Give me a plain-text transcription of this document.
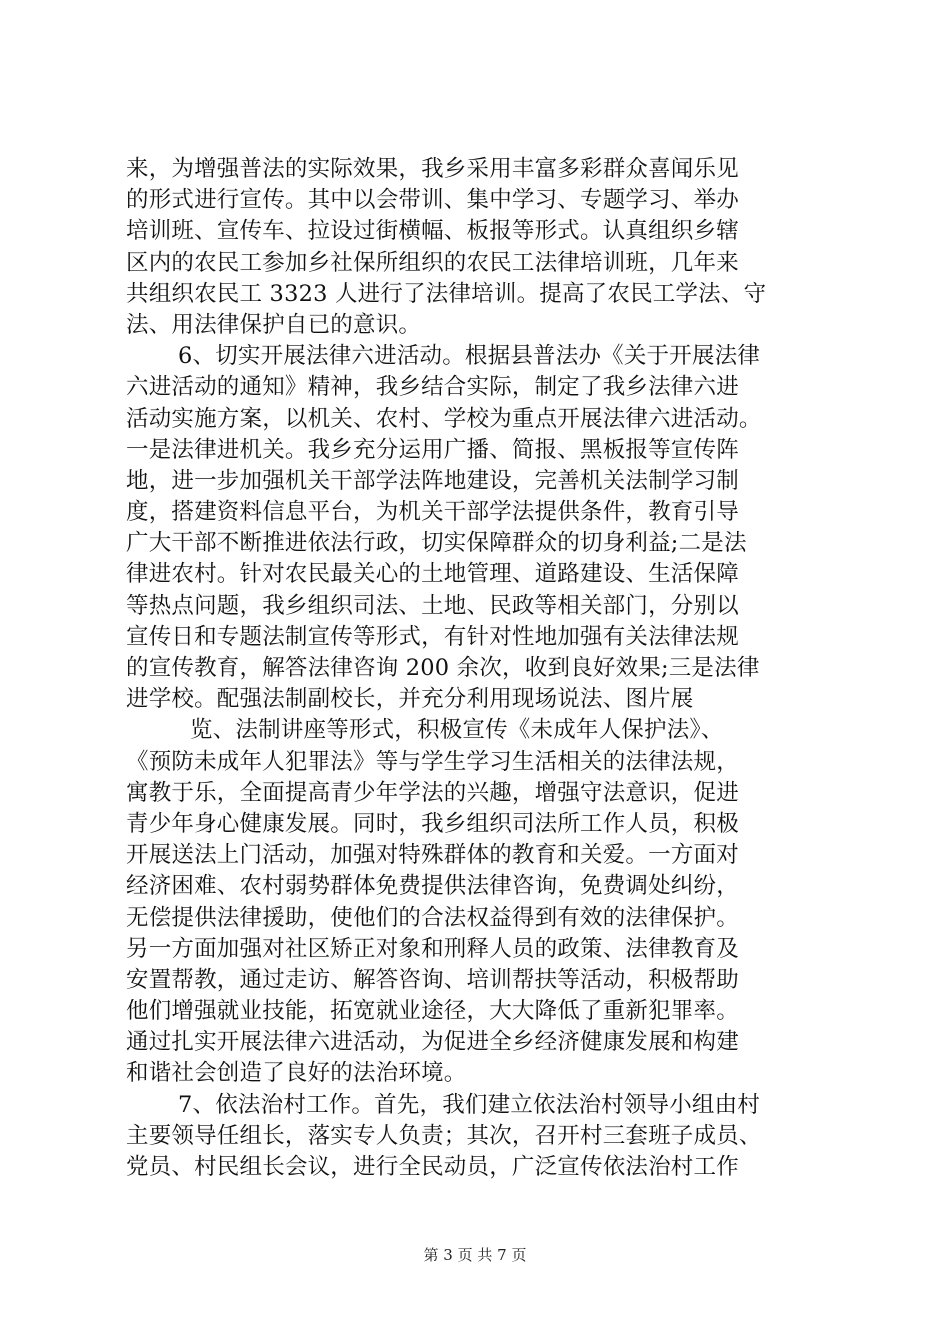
来，为增强普法的实际效果，我乡采用丰富多彩群众喜闻乐见
的形式进行宣传。其中以会带训、集中学习、专题学习、举办
培训班、宣传车、拉设过街横幅、板报等形式。认真组织乡辖
区内的农民工参加乡社保所组织的农民工法律培训班，几年来
共组织农民工 3323 人进行了法律培训。提高了农民工学法、守
法、用法律保护自已的意识。
6、切实开展法律六进活动。根据县普法办《关于开展法律
六进活动的通知》精神，我乡结合实际，制定了我乡法律六进
活动实施方案，以机关、农村、学校为重点开展法律六进活动。
一是法律进机关。我乡充分运用广播、简报、黑板报等宣传阵
地，进一步加强机关干部学法阵地建设，完善机关法制学习制
度，搭建资料信息平台，为机关干部学法提供条件，教育引导
广大干部不断推进依法行政，切实保障群众的切身利益;二是法
律进农村。针对农民最关心的土地管理、道路建设、生活保障
等热点问题，我乡组织司法、土地、民政等相关部门，分别以
宣传日和专题法制宣传等形式，有针对性地加强有关法律法规
的宣传教育，解答法律咨询 200 余次，收到良好效果;三是法律
进学校。配强法制副校长，并充分利用现场说法、图片展
览、法制讲座等形式，积极宣传《未成年人保护法》、
《预防未成年人犯罪法》等与学生学习生活相关的法律法规，
寓教于乐，全面提高青少年学法的兴趣，增强守法意识，促进
青少年身心健康发展。同时，我乡组织司法所工作人员，积极
开展送法上门活动，加强对特殊群体的教育和关爱。一方面对
经济困难、农村弱势群体免费提供法律咨询，免费调处纠纷，
无偿提供法律援助，使他们的合法权益得到有效的法律保护。
另一方面加强对社区矫正对象和刑释人员的政策、法律教育及
安置帮教，通过走访、解答咨询、培训帮扶等活动，积极帮助
他们增强就业技能，拓宽就业途径，大大降低了重新犯罪率。
通过扎实开展法律六进活动，为促进全乡经济健康发展和构建
和谐社会创造了良好的法治环境。
7、依法治村工作。首先，我们建立依法治村领导小组由村
主要领导任组长，落实专人负责；其次，召开村三套班子成员、
党员、村民组长会议，进行全民动员，广泛宣传依法治村工作
第 3 页 共 7 页
